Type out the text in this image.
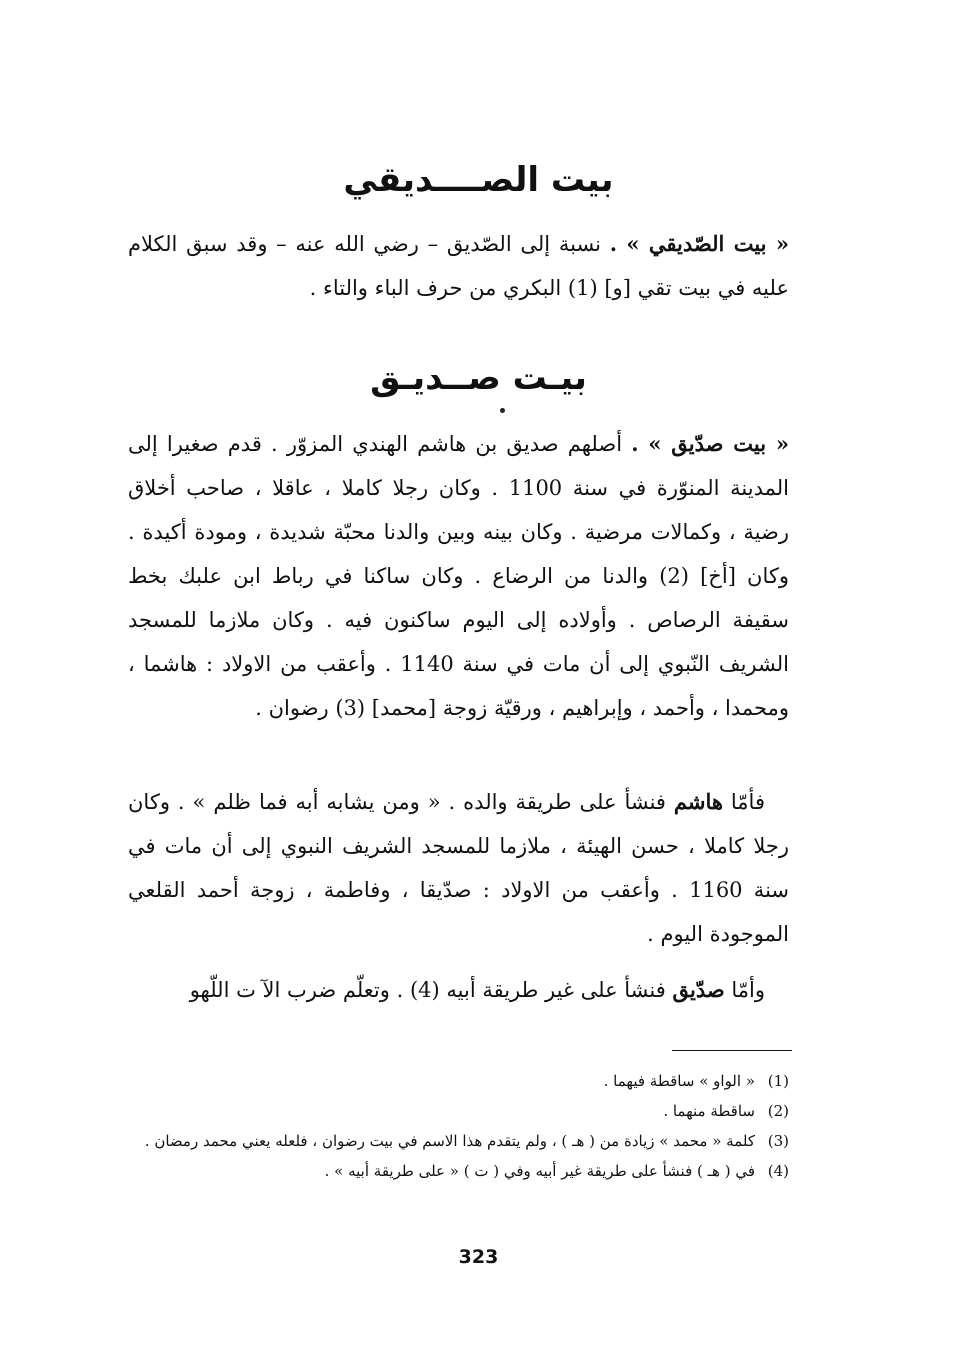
بيت الصــــديقي
« بيت الصّديقي » . نسبة إلى الصّديق – رضي الله عنه – وقد سبق الكلام عليه في بيت تقي [و] (1) البكري من حرف الباء والتاء .
بيـت صــديـق
« بيت صدّيق » . أصلهم صديق بن هاشم الهندي المزوّر . قدم صغيرا إلى المدينة المنوّرة في سنة 1100 . وكان رجلا كاملا ، عاقلا ، صاحب أخلاق رضية ، وكمالات مرضية . وكان بينه وبين والدنا محبّة شديدة ، ومودة أكيدة . وكان [أخ] (2) والدنا من الرضاع . وكان ساكنا في رباط ابن علبك بخط سقيفة الرصاص . وأولاده إلى اليوم ساكنون فيه . وكان ملازما للمسجد الشريف النّبوي إلى أن مات في سنة 1140 . وأعقب من الاولاد : هاشما ، ومحمدا ، وأحمد ، وإبراهيم ، ورقيّة زوجة [محمد] (3) رضوان .
فأمّا هاشم فنشأ على طريقة والده . « ومن يشابه أبه فما ظلم » . وكان رجلا كاملا ، حسن الهيئة ، ملازما للمسجد الشريف النبوي إلى أن مات في سنة 1160 . وأعقب من الاولاد : صدّيقا ، وفاطمة ، زوجة أحمد القلعي الموجودة اليوم .
وأمّا صدّيق فنشأ على غير طريقة أبيه (4) . وتعلّم ضرب الآ ت اللّهو
(1)
« الواو » ساقطة فيهما .
(2)
ساقطة منهما .
(3)
كلمة « محمد » زيادة من ( هـ ) ، ولم يتقدم هذا الاسم في بيت رضوان ، فلعله يعني محمد رمضان .
(4)
في ( هـ ) فنشأ على طريقة غير أبيه وفي ( ت ) « على طريقة أبيه » .
323
